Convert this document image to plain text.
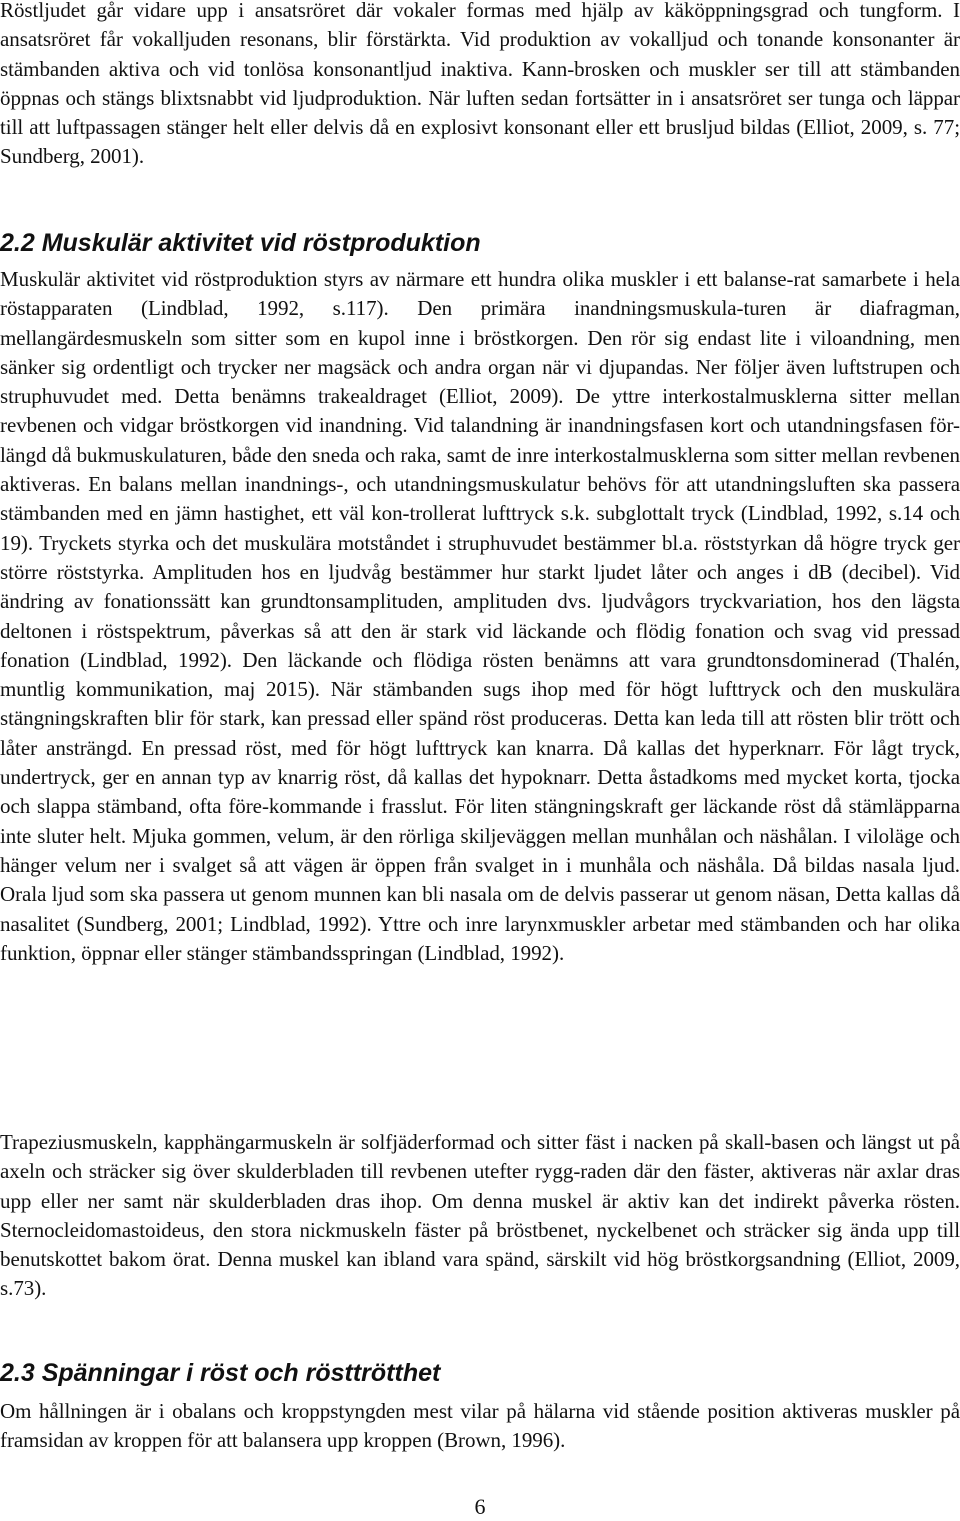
Röstljudet går vidare upp i ansatsröret där vokaler formas med hjälp av käköppningsgrad och tungform. I ansatsröret får vokalljuden resonans, blir förstärkta. Vid produktion av vokalljud och tonande konsonanter är stämbanden aktiva och vid tonlösa konsonantljud inaktiva. Kann-brosken och muskler ser till att stämbanden öppnas och stängs blixtsnabbt vid ljudproduktion. När luften sedan fortsätter in i ansatsröret ser tunga och läppar till att luftpassagen stänger helt eller delvis då en explosivt konsonant eller ett brusljud bildas (Elliot, 2009, s. 77; Sundberg, 2001).

2.2 Muskulär aktivitet vid röstproduktion

Muskulär aktivitet vid röstproduktion styrs av närmare ett hundra olika muskler i ett balanse-rat samarbete i hela röstapparaten (Lindblad, 1992, s.117). Den primära inandningsmuskula-turen är diafragman, mellangärdesmuskeln som sitter som en kupol inne i bröstkorgen. Den rör sig endast lite i viloandning, men sänker sig ordentligt och trycker ner magsäck och andra organ när vi djupandas. Ner följer även luftstrupen och struphuvudet med. Detta benämns trakealdraget (Elliot, 2009). De yttre interkostalmusklerna sitter mellan revbenen och vidgar bröstkorgen vid inandning. Vid talandning är inandningsfasen kort och utandningsfasen för-längd då bukmuskulaturen, både den sneda och raka, samt de inre interkostalmusklerna som sitter mellan revbenen aktiveras. En balans mellan inandnings-, och utandningsmuskulatur behövs för att utandningsluften ska passera stämbanden med en jämn hastighet, ett väl kon-trollerat lufttryck s.k. subglottalt tryck (Lindblad, 1992, s.14 och 19). Tryckets styrka och det muskulära motståndet i struphuvudet bestämmer bl.a. röststyrkan då högre tryck ger större röststyrka. Amplituden hos en ljudvåg bestämmer hur starkt ljudet låter och anges i dB (decibel). Vid ändring av fonationssätt kan grundtonsamplituden, amplituden dvs. ljudvågors tryckvariation, hos den lägsta deltonen i röstspektrum, påverkas så att den är stark vid läckande och flödig fonation och svag vid pressad fonation (Lindblad, 1992). Den läckande och flödiga rösten benämns att vara grundtonsdominerad (Thalén, muntlig kommunikation, maj 2015). När stämbanden sugs ihop med för högt lufttryck och den muskulära stängningskraften blir för stark, kan pressad eller spänd röst produceras. Detta kan leda till att rösten blir trött och låter ansträngd. En pressad röst, med för högt lufttryck kan knarra. Då kallas det hyperknarr. För lågt tryck, undertryck, ger en annan typ av knarrig röst, då kallas det hypoknarr. Detta åstadkoms med mycket korta, tjocka och slappa stämband, ofta före-kommande i frasslut. För liten stängningskraft ger läckande röst då stämläpparna inte sluter helt. Mjuka gommen, velum, är den rörliga skiljeväggen mellan munhålan och näshålan. I viloläge och hänger velum ner i svalget så att vägen är öppen från svalget in i munhåla och näshåla. Då bildas nasala ljud. Orala ljud som ska passera ut genom munnen kan bli nasala om de delvis passerar ut genom näsan, Detta kallas då nasalitet (Sundberg, 2001; Lindblad, 1992). Yttre och inre larynxmuskler arbetar med stämbanden och har olika funktion, öppnar eller stänger stämbandsspringan (Lindblad, 1992).

Trapeziusmuskeln, kapphängarmuskeln är solfjäderformad och sitter fäst i nacken på skall-basen och längst ut på axeln och sträcker sig över skulderbladen till revbenen utefter rygg-raden där den fäster, aktiveras när axlar dras upp eller ner samt när skulderbladen dras ihop. Om denna muskel är aktiv kan det indirekt påverka rösten. Sternocleidomastoideus, den stora nickmuskeln fäster på bröstbenet, nyckelbenet och sträcker sig ända upp till benutskottet bakom örat. Denna muskel kan ibland vara spänd, särskilt vid hög bröstkorgsandning (Elliot, 2009, s.73).

2.3 Spänningar i röst och rösttrötthet

Om hållningen är i obalans och kroppstyngden mest vilar på hälarna vid stående position aktiveras muskler på framsidan av kroppen för att balansera upp kroppen (Brown, 1996).

6
